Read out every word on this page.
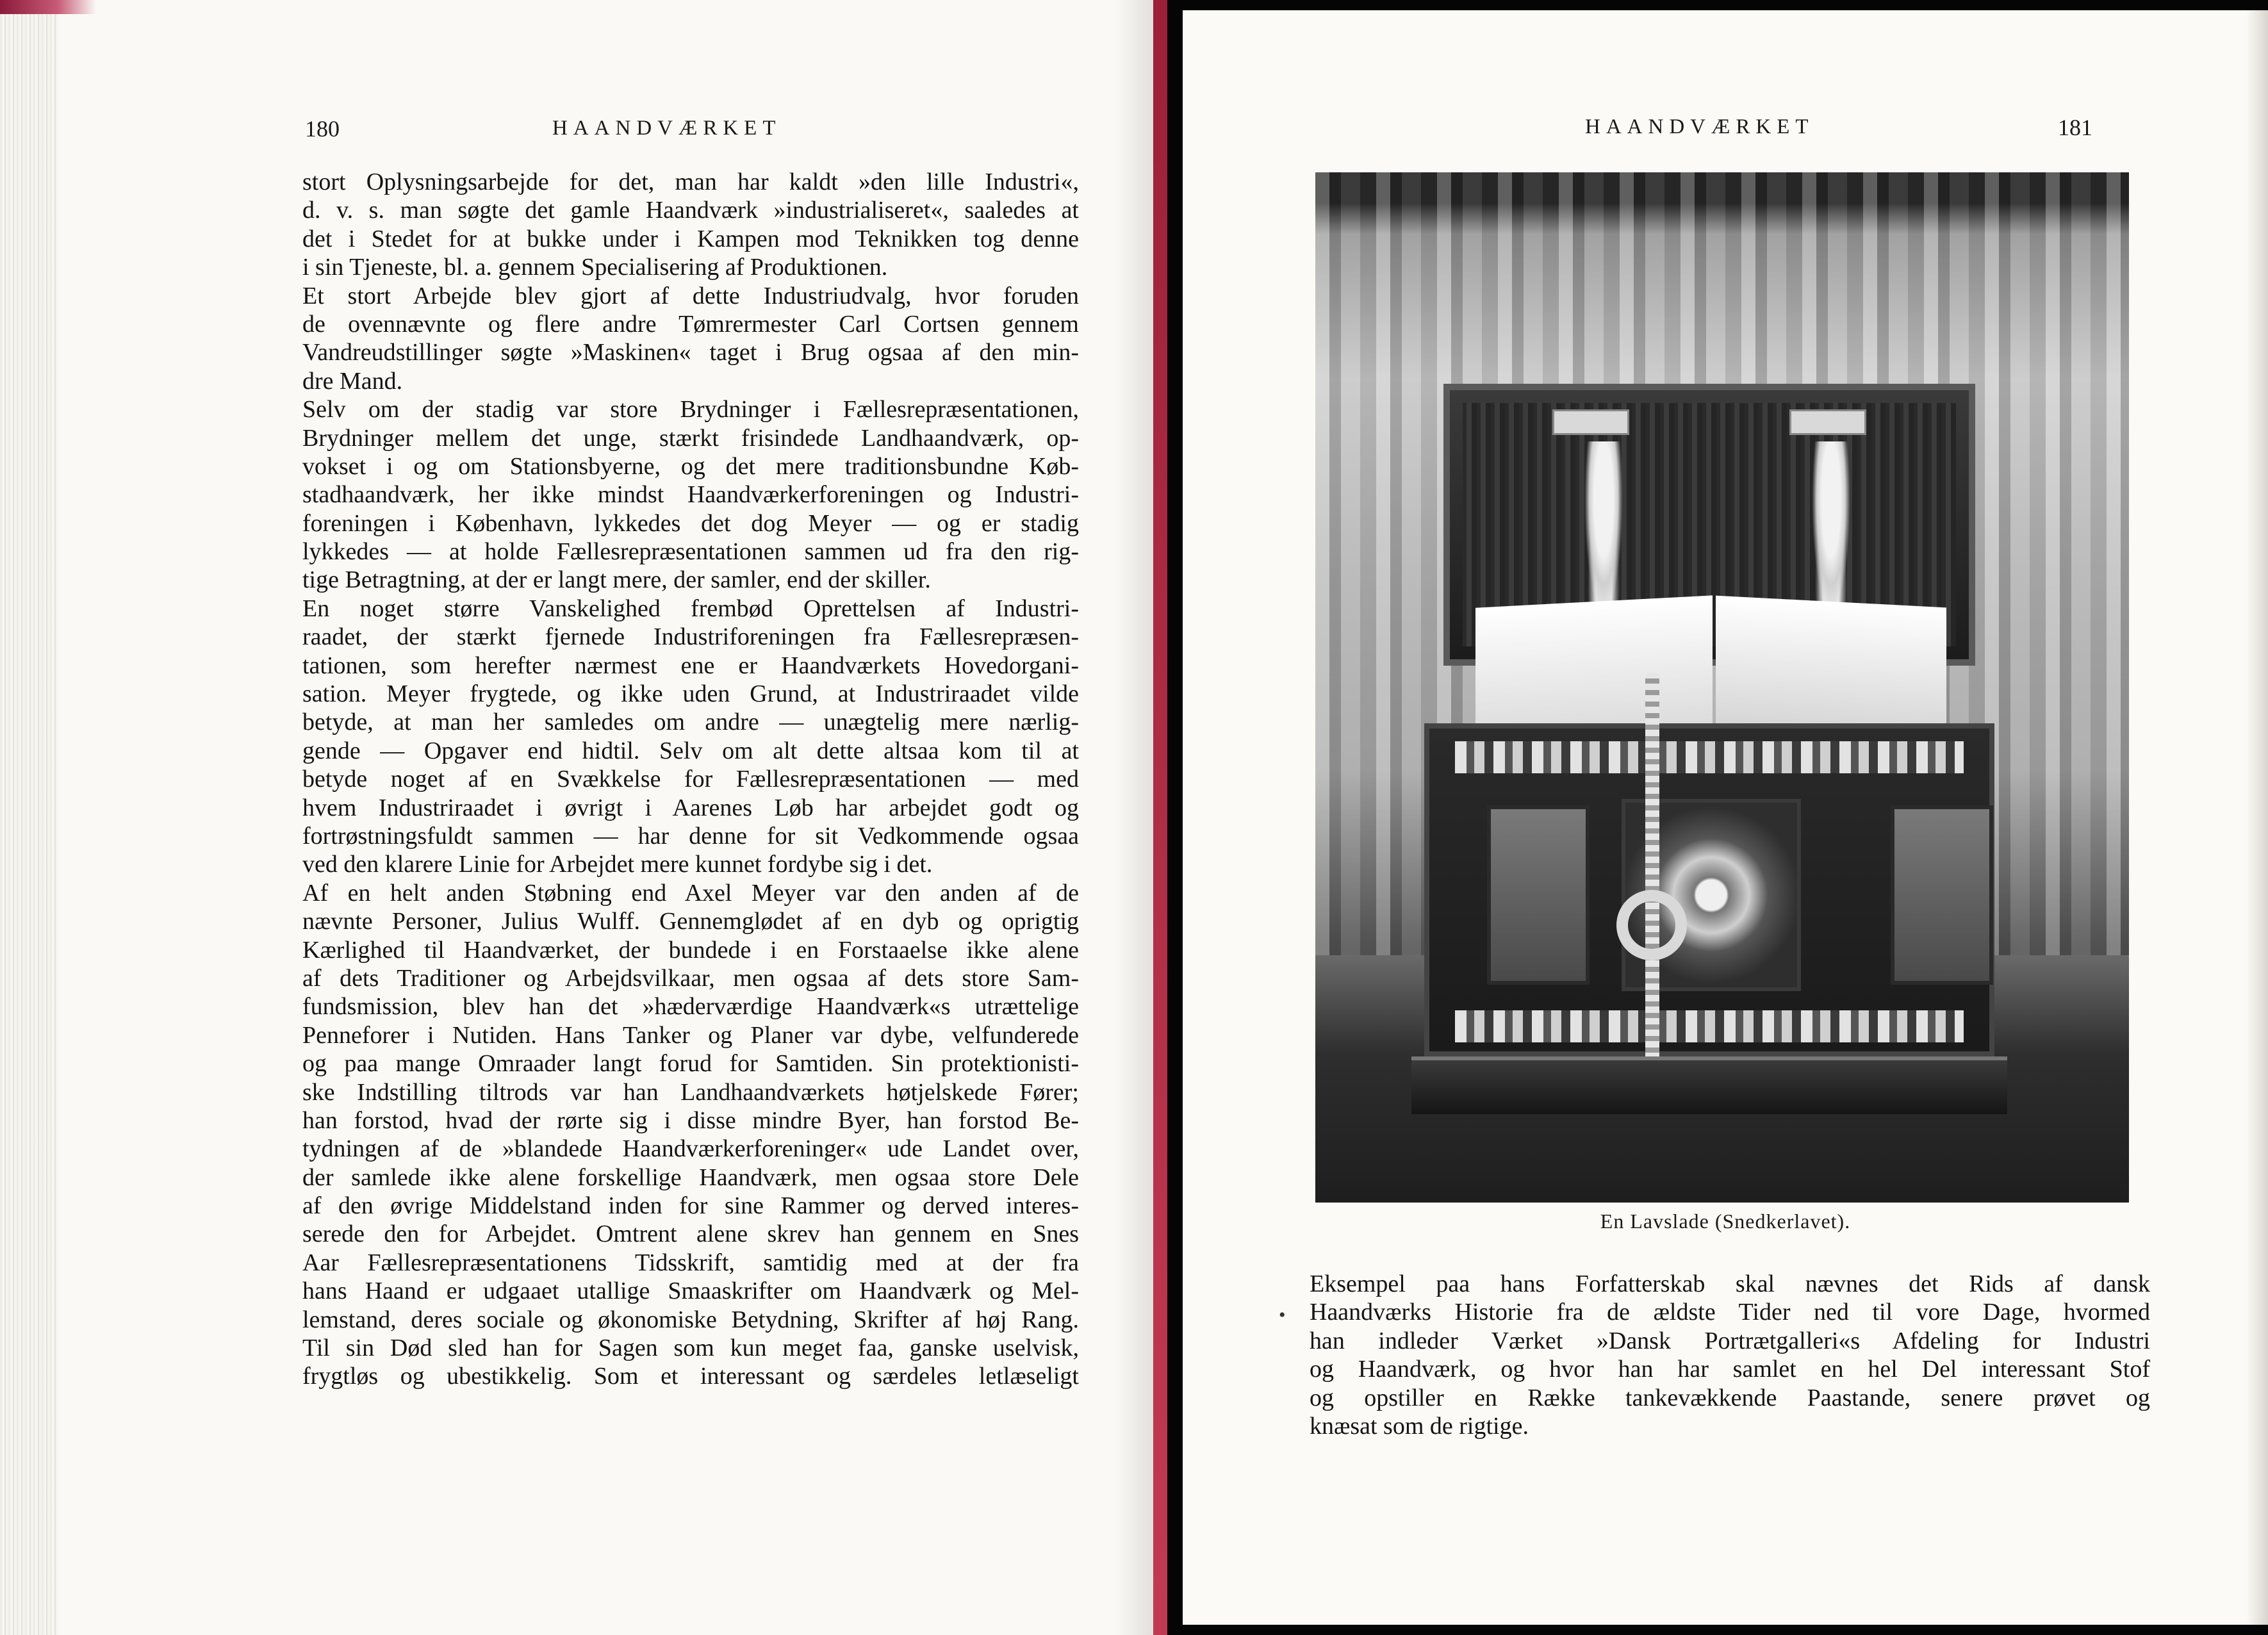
180	HAANDVÆRKET
stort Oplysningsarbejde for det, man har kaldt »den lille Industri«,
d. v. s. man søgte det gamle Haandværk »industrialiseret«, saaledes at
det i Stedet for at bukke under i Kampen mod Teknikken tog denne
i sin Tjeneste, bl. a. gennem Specialisering af Produktionen.
Et stort Arbejde blev gjort af dette Industriudvalg, hvor foruden
de ovennævnte og flere andre Tømrermester Carl Cortsen gennem
Vandreudstillinger søgte »Maskinen« taget i Brug ogsaa af den min-
dre Mand.
Selv om der stadig var store Brydninger i Fællesrepræsentationen,
Brydninger mellem det unge, stærkt frisindede Landhaandværk, op-
vokset i og om Stationsbyerne, og det mere traditionsbundne Køb-
stadhaandværk, her ikke mindst Haandværkerforeningen og Industri-
foreningen i København, lykkedes det dog Meyer — og er stadig
lykkedes — at holde Fællesrepræsentationen sammen ud fra den rig-
tige Betragtning, at der er langt mere, der samler, end der skiller.
En noget større Vanskelighed frembød Oprettelsen af Industri-
raadet, der stærkt fjernede Industriforeningen fra Fællesrepræsen-
tationen, som herefter nærmest ene er Haandværkets Hovedorgani-
sation. Meyer frygtede, og ikke uden Grund, at Industriraadet vilde
betyde, at man her samledes om andre — unægtelig mere nærlig-
gende — Opgaver end hidtil. Selv om alt dette altsaa kom til at
betyde noget af en Svækkelse for Fællesrepræsentationen — med
hvem Industriraadet i øvrigt i Aarenes Løb har arbejdet godt og
fortrøstningsfuldt sammen — har denne for sit Vedkommende ogsaa
ved den klarere Linie for Arbejdet mere kunnet fordybe sig i det.
Af en helt anden Støbning end Axel Meyer var den anden af de
nævnte Personer, Julius Wulff. Gennemglødet af en dyb og oprigtig
Kærlighed til Haandværket, der bundede i en Forstaaelse ikke alene
af dets Traditioner og Arbejdsvilkaar, men ogsaa af dets store Sam-
fundsmission, blev han det »hæderværdige Haandværk«s utrættelige
Penneforer i Nutiden. Hans Tanker og Planer var dybe, velfunderede
og paa mange Omraader langt forud for Samtiden. Sin protektionisti-
ske Indstilling tiltrods var han Landhaandværkets høtjelskede Fører;
han forstod, hvad der rørte sig i disse mindre Byer, han forstod Be-
tydningen af de »blandede Haandværkerforeninger« ude Landet over,
der samlede ikke alene forskellige Haandværk, men ogsaa store Dele
af den øvrige Middelstand inden for sine Rammer og derved interes-
serede den for Arbejdet. Omtrent alene skrev han gennem en Snes
Aar Fællesrepræsentationens Tidsskrift, samtidig med at der fra
hans Haand er udgaaet utallige Smaaskrifter om Haandværk og Mel-
lemstand, deres sociale og økonomiske Betydning, Skrifter af høj Rang.
Til sin Død sled han for Sagen som kun meget faa, ganske uselvisk,
frygtløs og ubestikkelig. Som et interessant og særdeles letlæseligt
HAANDVÆRKET	181
En Lavslade (Snedkerlavet).
•
Eksempel paa hans Forfatterskab skal nævnes det Rids af dansk
Haandværks Historie fra de ældste Tider ned til vore Dage, hvormed
han indleder Værket »Dansk Portrætgalleri«s Afdeling for Industri
og Haandværk, og hvor han har samlet en hel Del interessant Stof
og opstiller en Række tankevækkende Paastande, senere prøvet og
knæsat som de rigtige.
